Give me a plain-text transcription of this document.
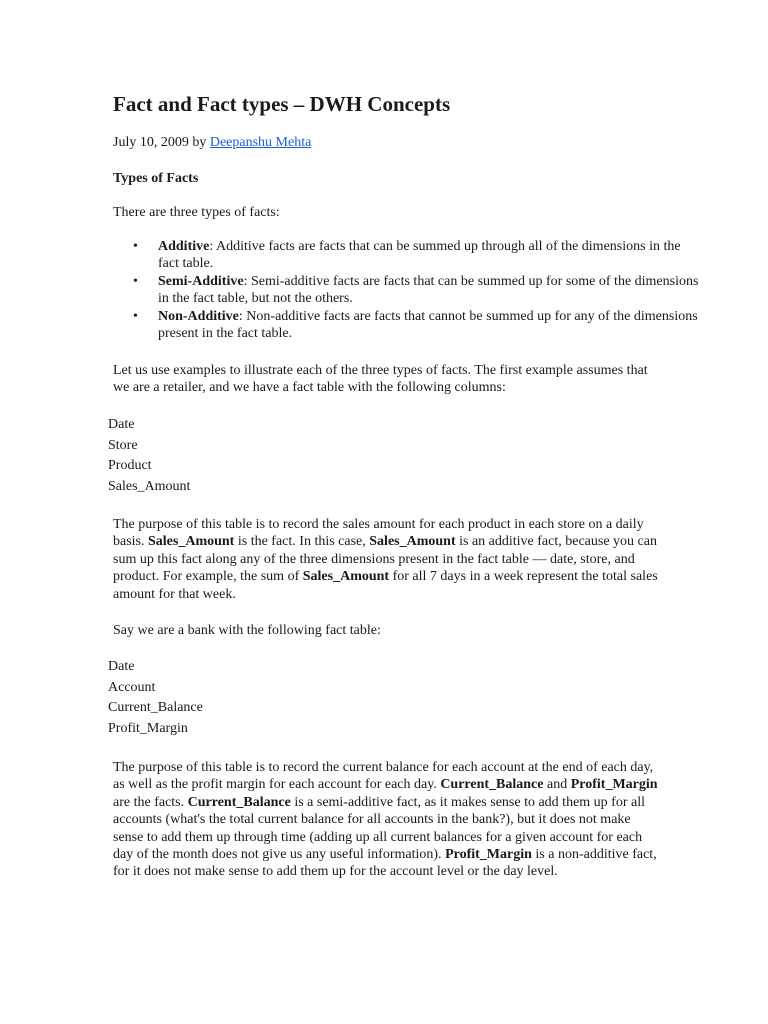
Fact and Fact types – DWH Concepts
July 10, 2009 by Deepanshu Mehta

Types of Facts

There are three types of facts:

• Additive: Additive facts are facts that can be summed up through all of the dimensions in the fact table.
• Semi-Additive: Semi-additive facts are facts that can be summed up for some of the dimensions in the fact table, but not the others.
• Non-Additive: Non-additive facts are facts that cannot be summed up for any of the dimensions present in the fact table.

Let us use examples to illustrate each of the three types of facts. The first example assumes that we are a retailer, and we have a fact table with the following columns:

Date
Store
Product
Sales_Amount

The purpose of this table is to record the sales amount for each product in each store on a daily basis. Sales_Amount is the fact. In this case, Sales_Amount is an additive fact, because you can sum up this fact along any of the three dimensions present in the fact table — date, store, and product. For example, the sum of Sales_Amount for all 7 days in a week represent the total sales amount for that week.

Say we are a bank with the following fact table:

Date
Account
Current_Balance
Profit_Margin

The purpose of this table is to record the current balance for each account at the end of each day, as well as the profit margin for each account for each day. Current_Balance and Profit_Margin are the facts. Current_Balance is a semi-additive fact, as it makes sense to add them up for all accounts (what's the total current balance for all accounts in the bank?), but it does not make sense to add them up through time (adding up all current balances for a given account for each day of the month does not give us any useful information). Profit_Margin is a non-additive fact, for it does not make sense to add them up for the account level or the day level.
